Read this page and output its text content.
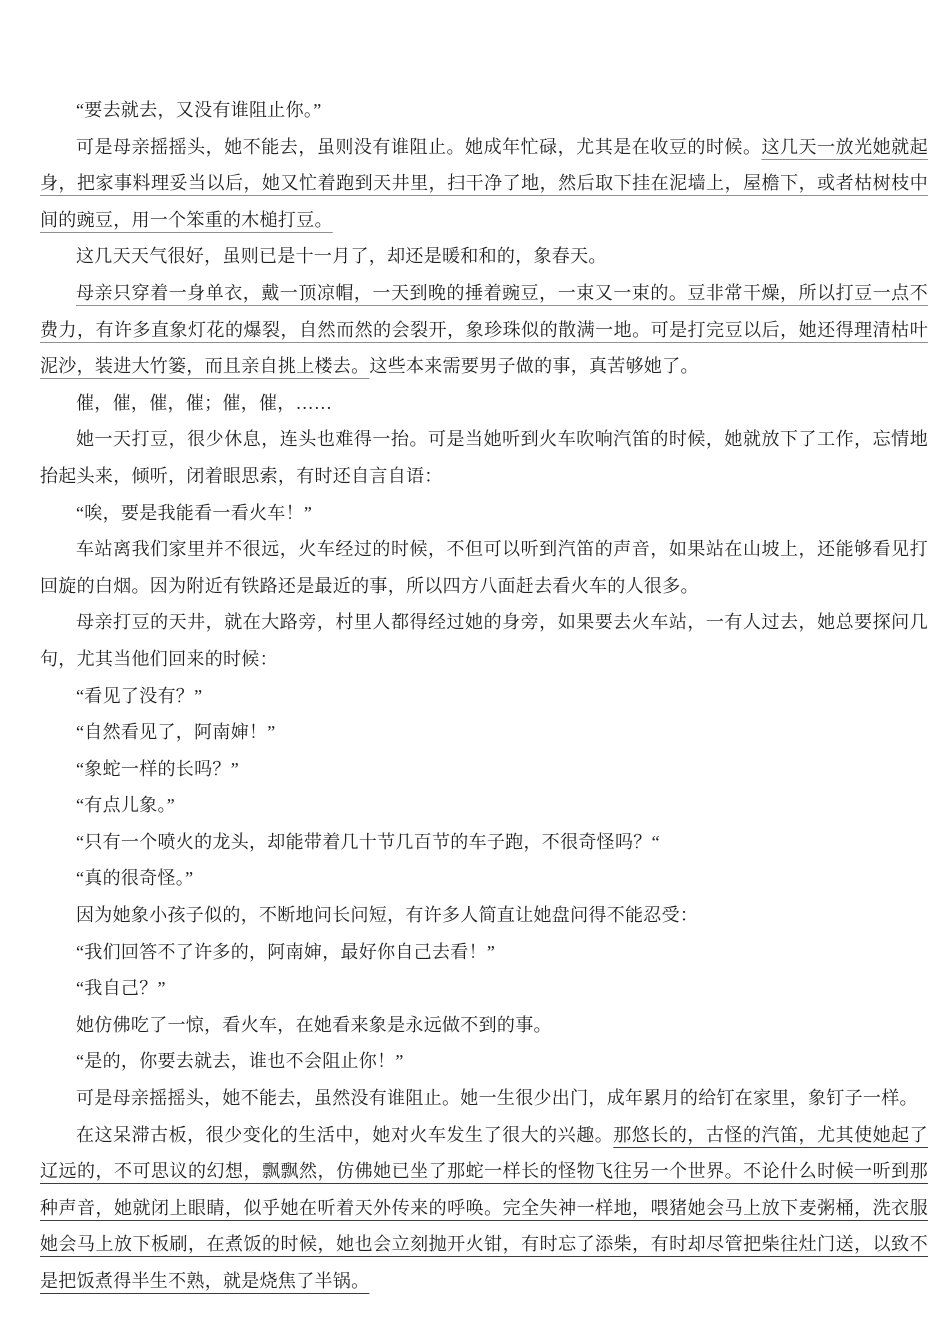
“要去就去，又没有谁阻止你。”

可是母亲摇摇头，她不能去，虽则没有谁阻止。她成年忙碌，尤其是在收豆的时候。这几天一放光她就起身，把家事料理妥当以后，她又忙着跑到天井里，扫干净了地，然后取下挂在泥墙上，屋檐下，或者枯树枝中间的豌豆，用一个笨重的木槌打豆。

这几天天气很好，虽则已是十一月了，却还是暖和和的，象春天。

母亲只穿着一身单衣，戴一顶凉帽，一天到晚的捶着豌豆，一束又一束的。豆非常干燥，所以打豆一点不费力，有许多直象灯花的爆裂，自然而然的会裂开，象珍珠似的散满一地。可是打完豆以后，她还得理清枯叶泥沙，装进大竹篓，而且亲自挑上楼去。这些本来需要男子做的事，真苦够她了。

催，催，催，催；催，催，……

她一天打豆，很少休息，连头也难得一抬。可是当她听到火车吹响汽笛的时候，她就放下了工作，忘情地抬起头来，倾听，闭着眼思索，有时还自言自语：

“唉，要是我能看一看火车！”

车站离我们家里并不很远，火车经过的时候，不但可以听到汽笛的声音，如果站在山坡上，还能够看见打回旋的白烟。因为附近有铁路还是最近的事，所以四方八面赶去看火车的人很多。

母亲打豆的天井，就在大路旁，村里人都得经过她的身旁，如果要去火车站，一有人过去，她总要探问几句，尤其当他们回来的时候：

“看见了没有？”

“自然看见了，阿南婶！”

“象蛇一样的长吗？”

“有点儿象。”

“只有一个喷火的龙头，却能带着几十节几百节的车子跑，不很奇怪吗？“

“真的很奇怪。”

因为她象小孩子似的，不断地问长问短，有许多人简直让她盘问得不能忍受：

“我们回答不了许多的，阿南婶，最好你自己去看！”

“我自己？”

她仿佛吃了一惊，看火车，在她看来象是永远做不到的事。

“是的，你要去就去，谁也不会阻止你！”

可是母亲摇摇头，她不能去，虽然没有谁阻止。她一生很少出门，成年累月的给钉在家里，象钉子一样。

在这呆滞古板，很少变化的生活中，她对火车发生了很大的兴趣。那悠长的，古怪的汽笛，尤其使她起了辽远的，不可思议的幻想，飘飘然，仿佛她已坐了那蛇一样长的怪物飞往另一个世界。不论什么时候一听到那种声音，她就闭上眼睛，似乎她在听着天外传来的呼唤。完全失神一样地，喂猪她会马上放下麦粥桶，洗衣服她会马上放下板刷，在煮饭的时候，她也会立刻抛开火钳，有时忘了添柴，有时却尽管把柴往灶门送，以致不是把饭煮得半生不熟，就是烧焦了半锅。
